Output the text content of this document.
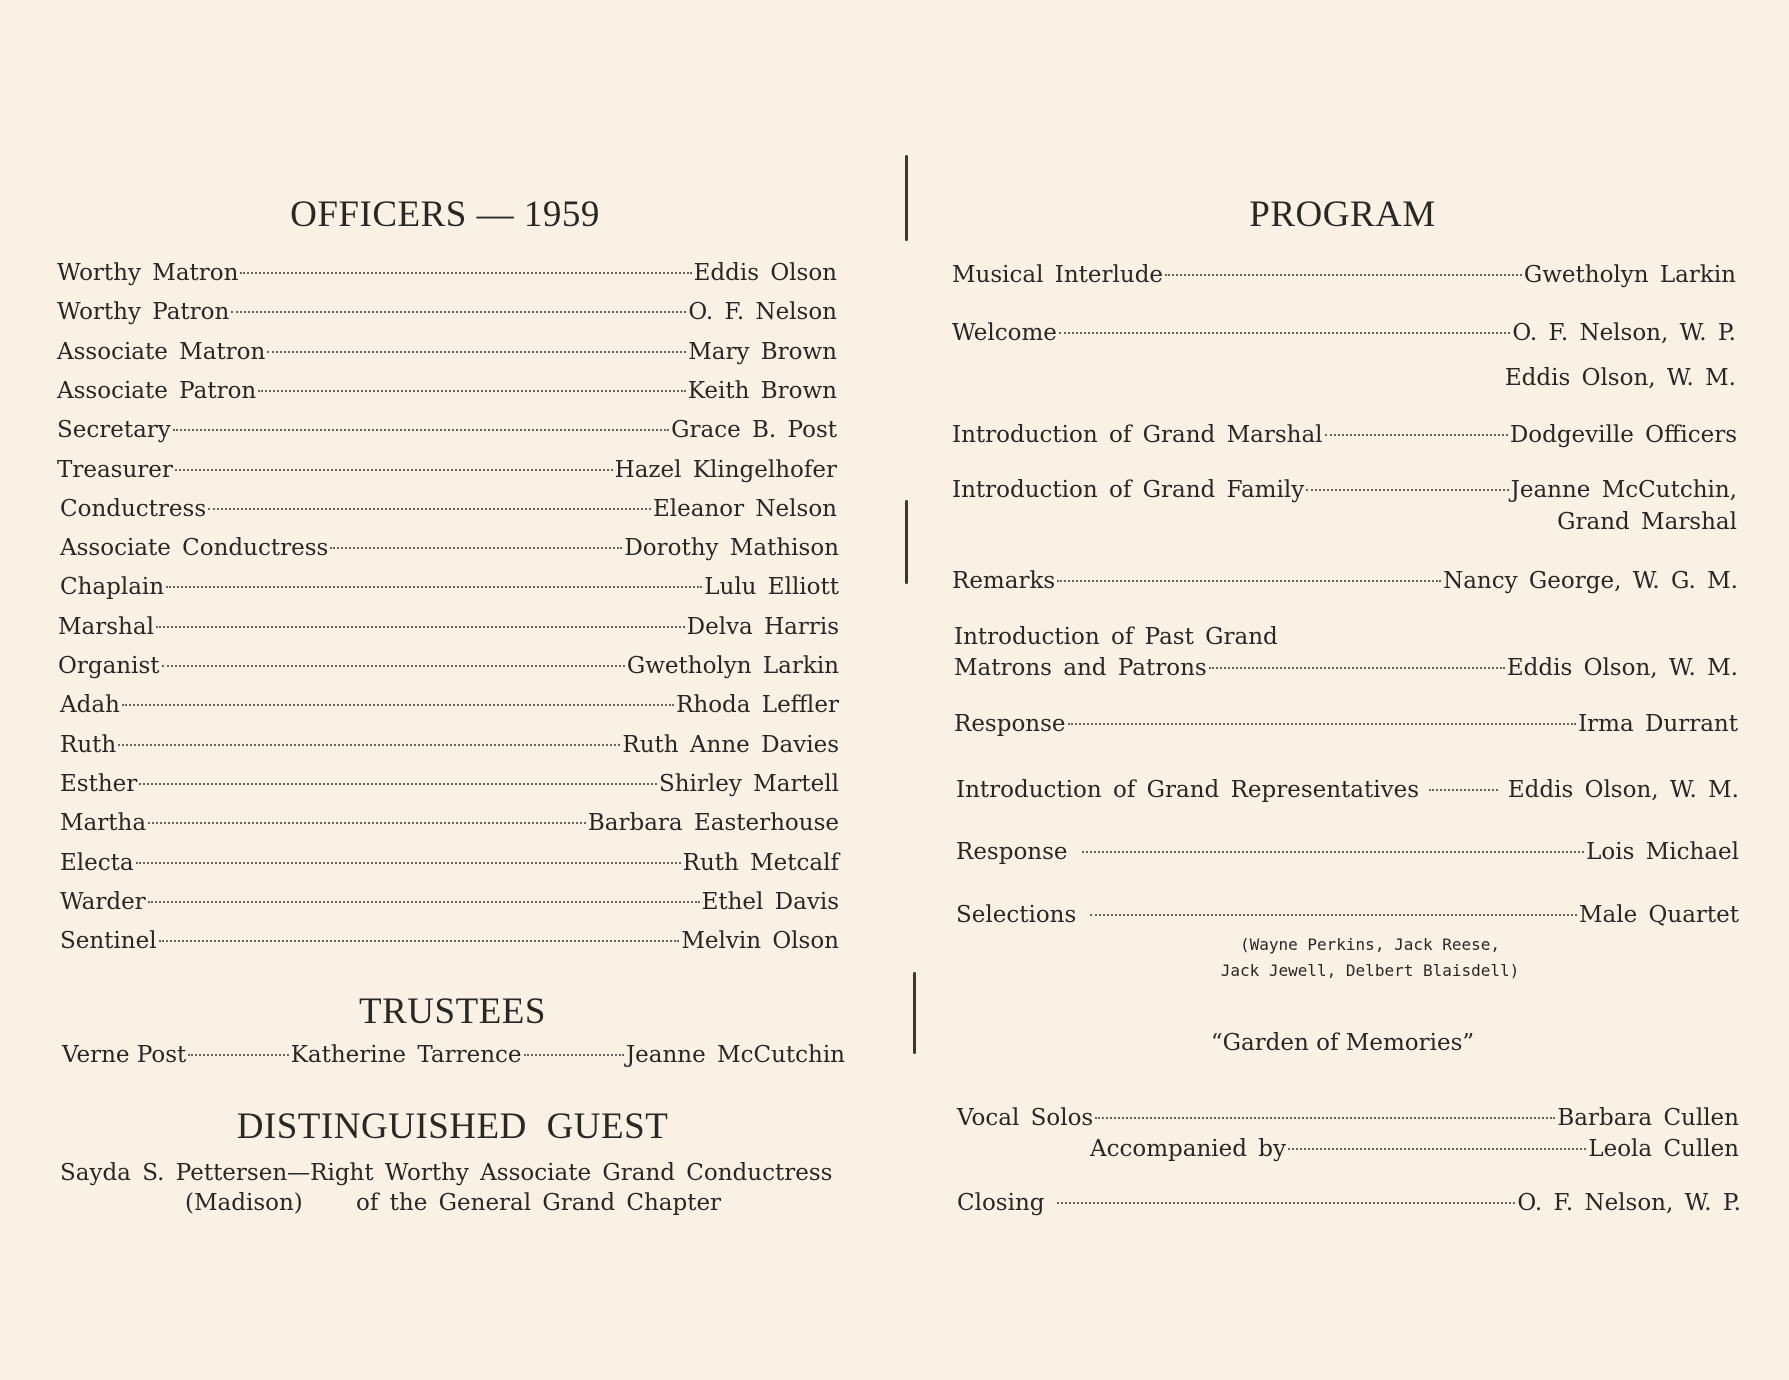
OFFICERS — 1959
Worthy Matron	Eddis Olson
Worthy Patron	O. F. Nelson
Associate Matron	Mary Brown
Associate Patron	Keith Brown
Secretary	Grace B. Post
Treasurer	Hazel Klingelhofer
Conductress	Eleanor Nelson
Associate Conductress	Dorothy Mathison
Chaplain	Lulu Elliott
Marshal	Delva Harris
Organist	Gwetholyn Larkin
Adah	Rhoda Leffler
Ruth	Ruth Anne Davies
Esther	Shirley Martell
Martha	Barbara Easterhouse
Electa	Ruth Metcalf
Warder	Ethel Davis
Sentinel	Melvin Olson
TRUSTEES
Verne Post	Katherine Tarrence	Jeanne McCutchin
DISTINGUISHED GUEST
Sayda S. Pettersen—Right Worthy Associate Grand Conductress
(Madison) of the General Grand Chapter
PROGRAM
Musical Interlude	Gwetholyn Larkin
Welcome	O. F. Nelson, W. P.
Eddis Olson, W. M.
Introduction of Grand Marshal	Dodgeville Officers
Introduction of Grand Family	Jeanne McCutchin,
Grand Marshal
Remarks	Nancy George, W. G. M.
Introduction of Past Grand
Matrons and Patrons	Eddis Olson, W. M.
Response	Irma Durrant
Introduction of Grand Representatives	Eddis Olson, W. M.
Response	Lois Michael
Selections	Male Quartet
(Wayne Perkins, Jack Reese,
Jack Jewell, Delbert Blaisdell)
“Garden of Memories”
Vocal Solos	Barbara Cullen
Accompanied by	Leola Cullen
Closing	O. F. Nelson, W. P.
